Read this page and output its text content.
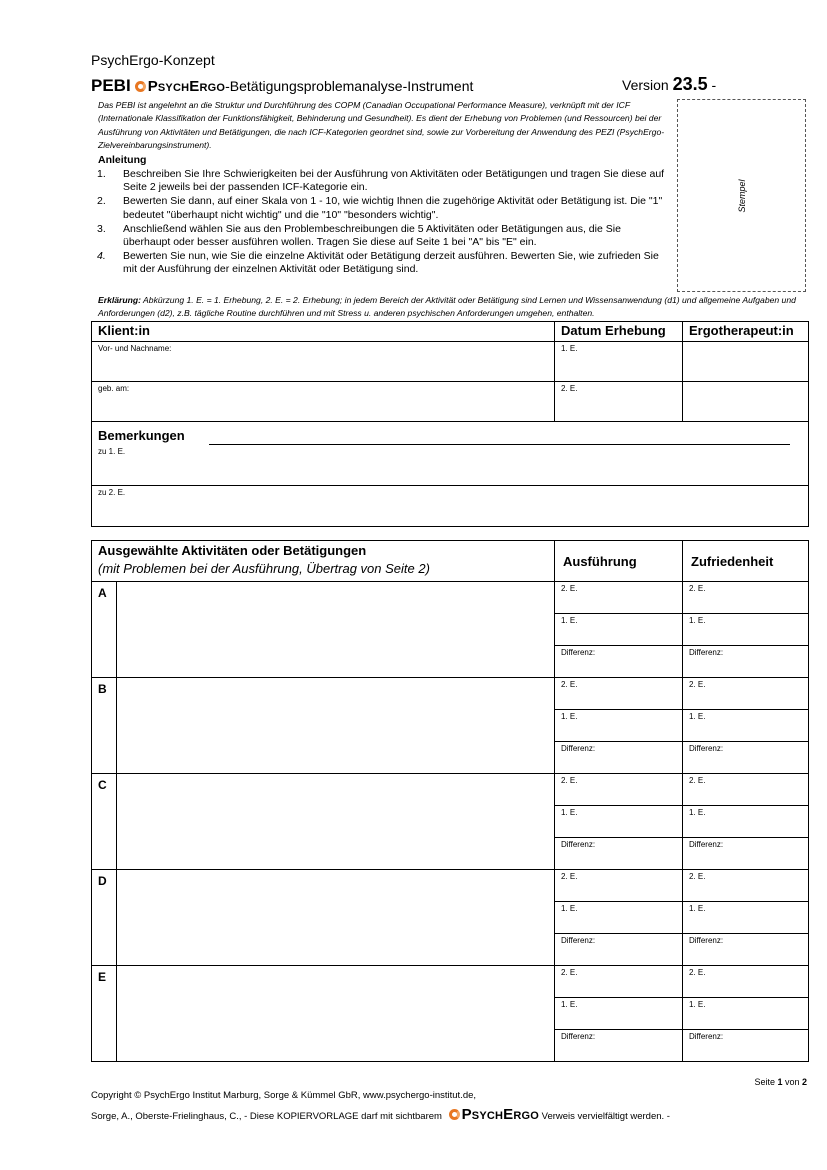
PsychErgo-Konzept
PEBI PsychErgo-Betätigungsproblemanalyse-Instrument	Version 23.5 -
Das PEBI ist angelehnt an die Struktur und Durchführung des COPM (Canadian Occupational Performance Measure), verknüpft mit der ICF (Internationale Klassifikation der Funktionsfähigkeit, Behinderung und Gesundheit). Es dient der Erhebung von Problemen (und Ressourcen) bei der Ausführung von Aktivitäten und Betätigungen, die nach ICF-Kategorien geordnet sind, sowie zur Vorbereitung der Anwendung des PEZI (PsychErgo-Zielvereinbarungsinstrument).
Anleitung
1.	Beschreiben Sie Ihre Schwierigkeiten bei der Ausführung von Aktivitäten oder Betätigungen und tragen Sie diese auf Seite 2 jeweils bei der passenden ICF-Kategorie ein.
2.	Bewerten Sie dann, auf einer Skala von 1 - 10, wie wichtig Ihnen die zugehörige Aktivität oder Betätigung ist. Die "1" bedeutet "überhaupt nicht wichtig" und die "10" "besonders wichtig".
3.	Anschließend wählen Sie aus den Problembeschreibungen die 5 Aktivitäten oder Betätigungen aus, die Sie überhaupt oder besser ausführen wollen. Tragen Sie diese auf Seite 1 bei "A" bis "E" ein.
4.	Bewerten Sie nun, wie Sie die einzelne Aktivität oder Betätigung derzeit ausführen. Bewerten Sie, wie zufrieden Sie mit der Ausführung der einzelnen Aktivität oder Betätigung sind.
Stempel
Erklärung: Abkürzung 1. E. = 1. Erhebung, 2. E. = 2. Erhebung; in jedem Bereich der Aktivität oder Betätigung sind Lernen und Wissensanwendung (d1) und allgemeine Aufgaben und Anforderungen (d2), z.B. tägliche Routine durchführen und mit Stress u. anderen psychischen Anforderungen umgehen, enthalten.
Klient:in	Datum Erhebung	Ergotherapeut:in
Vor- und Nachname:	1. E.	
geb. am:	2. E.	

Bemerkungen
zu 1. E.		

zu 2. E.		
Ausgewählte Aktivitäten oder Betätigungen
(mit Problemen bei der Ausführung, Übertrag von Seite 2)		Ausführung	Zufriedenheit
A		2. E.	2. E.
		1. E.	1. E.
		Differenz:	Differenz:
B		2. E.	2. E.
		1. E.	1. E.
		Differenz:	Differenz:
C		2. E.	2. E.
		1. E.	1. E.
		Differenz:	Differenz:
D		2. E.	2. E.
		1. E.	1. E.
		Differenz:	Differenz:
E		2. E.	2. E.
		1. E.	1. E.
		Differenz:	Differenz:
Seite 1 von 2
Copyright © PsychErgo Institut Marburg, Sorge & Kümmel GbR, www.psychergo-institut.de,
Sorge, A., Oberste-Frielinghaus, C., - Diese KOPIERVORLAGE darf mit sichtbarem PsychErgo Verweis vervielfältigt werden. -
